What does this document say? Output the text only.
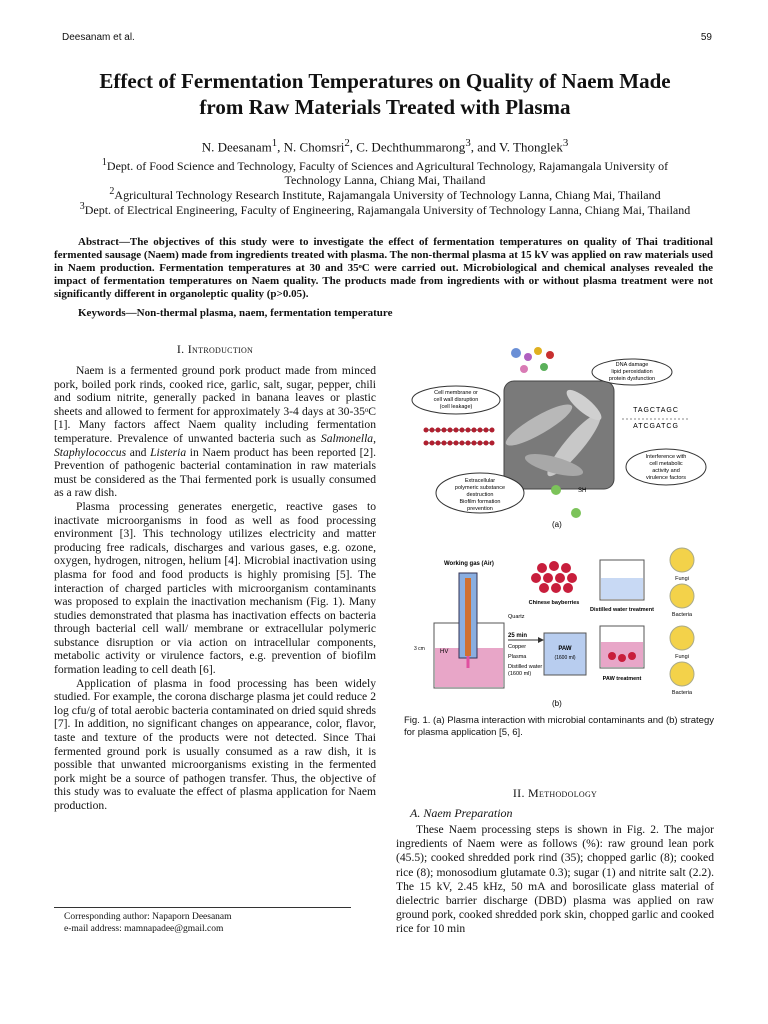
Deesanam et al.	59
Effect of Fermentation Temperatures on Quality of Naem Made
from Raw Materials Treated with Plasma
N. Deesanam$^1$, N. Chomsri$^2$, C. Dechthummarong$^3$, and V. Thonglek$^3$
$^1$Dept. of Food Science and Technology, Faculty of Sciences and Agricultural Technology, Rajamangala University of
Technology Lanna, Chiang Mai, Thailand
$^2$Agricultural Technology Research Institute, Rajamangala University of Technology Lanna, Chiang Mai, Thailand
$^3$Dept. of Electrical Engineering, Faculty of Engineering, Rajamangala University of Technology Lanna, Chiang Mai, Thailand

Abstract—The objectives of this study were to investigate the effect of fermentation temperatures on quality of Thai traditional fermented sausage (Naem) made from ingredients treated with plasma. The non-thermal plasma at 15 kV was applied on raw materials used in Naem production. Fermentation temperatures at 30 and 35ᵒC were carried out. Microbiological and chemical analyses revealed the impact of fermentation temperatures on Naem quality. The products made from ingredients with or without plasma treatment were not significantly different in organoleptic quality (p>0.05).

Keywords—Non-thermal plasma, naem, fermentation temperature

I. Introduction

Naem is a fermented ground pork product made from minced pork, boiled pork rinds, cooked rice, garlic, salt, sugar, pepper, chili and sodium nitrite, generally packed in banana leaves or plastic sheets and allowed to ferment for approximately 3-4 days at 30-35ᵒC [1]. Many factors affect Naem quality including fermentation temperature. Prevalence of unwanted bacteria such as Salmonella, Staphylococcus and Listeria in Naem product has been reported [2]. Prevention of pathogenic bacterial contamination in raw materials must be considered as the Thai fermented pork is usually consumed as a raw dish.

Plasma processing generates energetic, reactive gases to inactivate microorganisms in food as well as food processing environment [3]. This technology utilizes electricity and matter producing free radicals, discharges and various gases, e.g. ozone, oxygen, hydrogen, nitrogen, helium [4]. Microbial inactivation using plasma for food and food products is highly promising [5]. The interaction of charged particles with microorganism contaminants was proposed to explain the inactivation mechanism (Fig. 1). Many studies demonstrated that plasma has inactivation effects on bacteria through bacterial cell wall/ membrane or extracellular polymeric substance disruption or via action on intracellular components, metabolic activity or virulence factors, e.g. prevention of biofilm formation leading to cell death [6].

Application of plasma in food processing has been widely studied. For example, the corona discharge plasma jet could reduce 2 log cfu/g of total aerobic bacteria contaminated on dried squid shreds [7]. In addition, no significant changes on appearance, color, flavor, taste and texture of the products were not detected. Since Thai fermented ground pork is usually consumed as a raw dish, it is possible that unwanted microorganisms existing in the fermented pork might be a source of pathogen transfer. Thus, the objective of this study was to evaluate the effect of plasma application for Naem production.

Corresponding author: Napaporn Deesanam
e-mail address: mamnapadee@gmail.com
DNA damage
lipid peroxidation
protein dysfunction
Cell membrane or
cell wall disruption
(cell leakage)	TAGCTAGC
ATCGATCG
Interference with
cell metabolic
activity and
virulence factors
Extracellular
polymeric substance
destruction
Biofilm formation
prevention
SH
(a)
Working gas (Air)
HV
3 cm
Quartz
Copper
Plasma
Distilled water
(1600 ml)
25 min
PAW
(1600 ml)
Chinese bayberries
Distilled water treatment
PAW treatment
Fungi
Bacteria
Fungi
Bacteria
(b)
Fig. 1. (a) Plasma interaction with microbial contaminants and (b) strategy for plasma application [5, 6].
II. Methodology
A. Naem Preparation

These Naem processing steps is shown in Fig. 2. The major ingredients of Naem were as follows (%): raw ground lean pork (45.5); cooked shredded pork rind (35); chopped garlic (8); cooked rice (8); monosodium glutamate 0.3); sugar (1) and nitrite salt (2.2). The 15 kV, 2.45 kHz, 50 mA and borosilicate glass material of dielectric barrier discharge (DBD) plasma was applied on raw ground pork, cooked shredded pork skin, chopped garlic and cooked rice for 10 min
